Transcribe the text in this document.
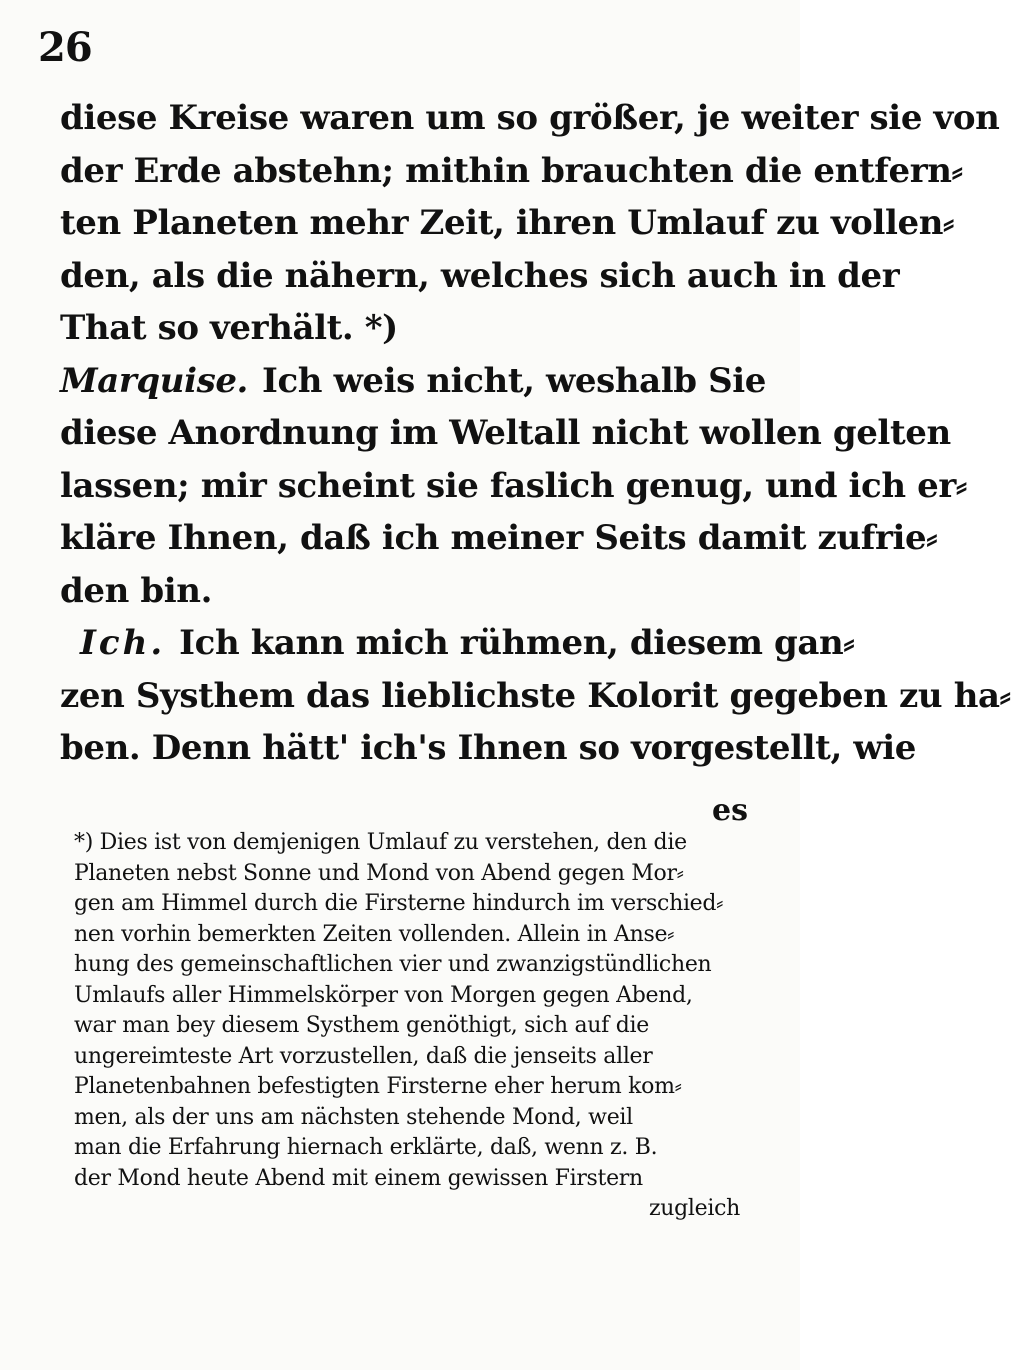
26
diese Kreise waren um so größer, je weiter sie von
der Erde abstehn; mithin brauchten die entfern⸗
ten Planeten mehr Zeit, ihren Umlauf zu vollen⸗
den, als die nähern, welches sich auch in der
That so verhält. *)
Marquise. Ich weis nicht, weshalb Sie
diese Anordnung im Weltall nicht wollen gelten
lassen; mir scheint sie faslich genug, und ich er⸗
kläre Ihnen, daß ich meiner Seits damit zufrie⸗
den bin.
Ich. Ich kann mich rühmen, diesem gan⸗
zen Systhem das lieblichste Kolorit gegeben zu ha⸗
ben. Denn hätt' ich's Ihnen so vorgestellt, wie
es
*) Dies ist von demjenigen Umlauf zu verstehen, den die
Planeten nebst Sonne und Mond von Abend gegen Mor⸗
gen am Himmel durch die Firsterne hindurch im verschied⸗
nen vorhin bemerkten Zeiten vollenden. Allein in Anse⸗
hung des gemeinschaftlichen vier und zwanzigstündlichen
Umlaufs aller Himmelskörper von Morgen gegen Abend,
war man bey diesem Systhem genöthigt, sich auf die
ungereimteste Art vorzustellen, daß die jenseits aller
Planetenbahnen befestigten Firsterne eher herum kom⸗
men, als der uns am nächsten stehende Mond, weil
man die Erfahrung hiernach erklärte, daß, wenn z. B.
der Mond heute Abend mit einem gewissen Firstern
zugleich
